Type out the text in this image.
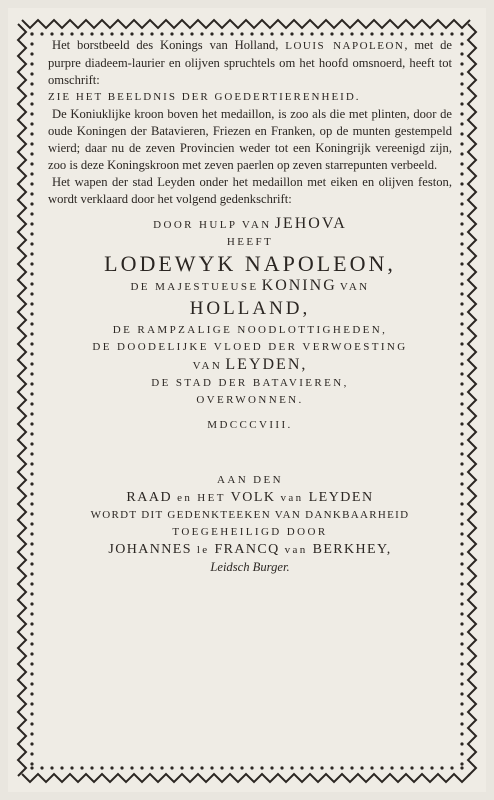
Het borstbeeld des Konings van Holland, LOUIS NAPOLEON, met de purpre diadeem-laurier en olijven spruchtels om het hoofd omsnoerd, heeft tot omschrift:

ZIE HET BEELDNIS DER GOEDERTIERENHEID.

De Koniuklijke kroon boven het medaillon, is zoo als die met plinten, door de oude Koningen der Batavieren, Friezen en Franken, op de munten gestempeld wierd; daar nu de zeven Provincien weder tot een Koningrijk vereenigd zijn, zoo is deze Koningskroon met zeven paerlen op zeven starrepunten verbeeld.

Het wapen der stad Leyden onder het medaillon met eiken en olijven feston, wordt verklaard door het volgend gedenkschrift:

DOOR HULP VAN JEHOVA
HEEFT
LODEWYK NAPOLEON,
DE MAJESTUEUSE KONING VAN
HOLLAND,
DE RAMPZALIGE NOODLOTTIGHEDEN,
DE DOODELIJKE VLOED DER VERWOESTING
VAN LEYDEN,
DE STAD DER BATAVIEREN,
OVERWONNEN.
MDCCCVIII.
AAN DEN
RAAD en HET VOLK van LEYDEN
WORDT DIT GEDENKTEEKEN VAN DANKBAARHEID
TOEGEHEILIGD DOOR
JOHANNES le FRANCQ van BERKHEY,
Leidsch Burger.
